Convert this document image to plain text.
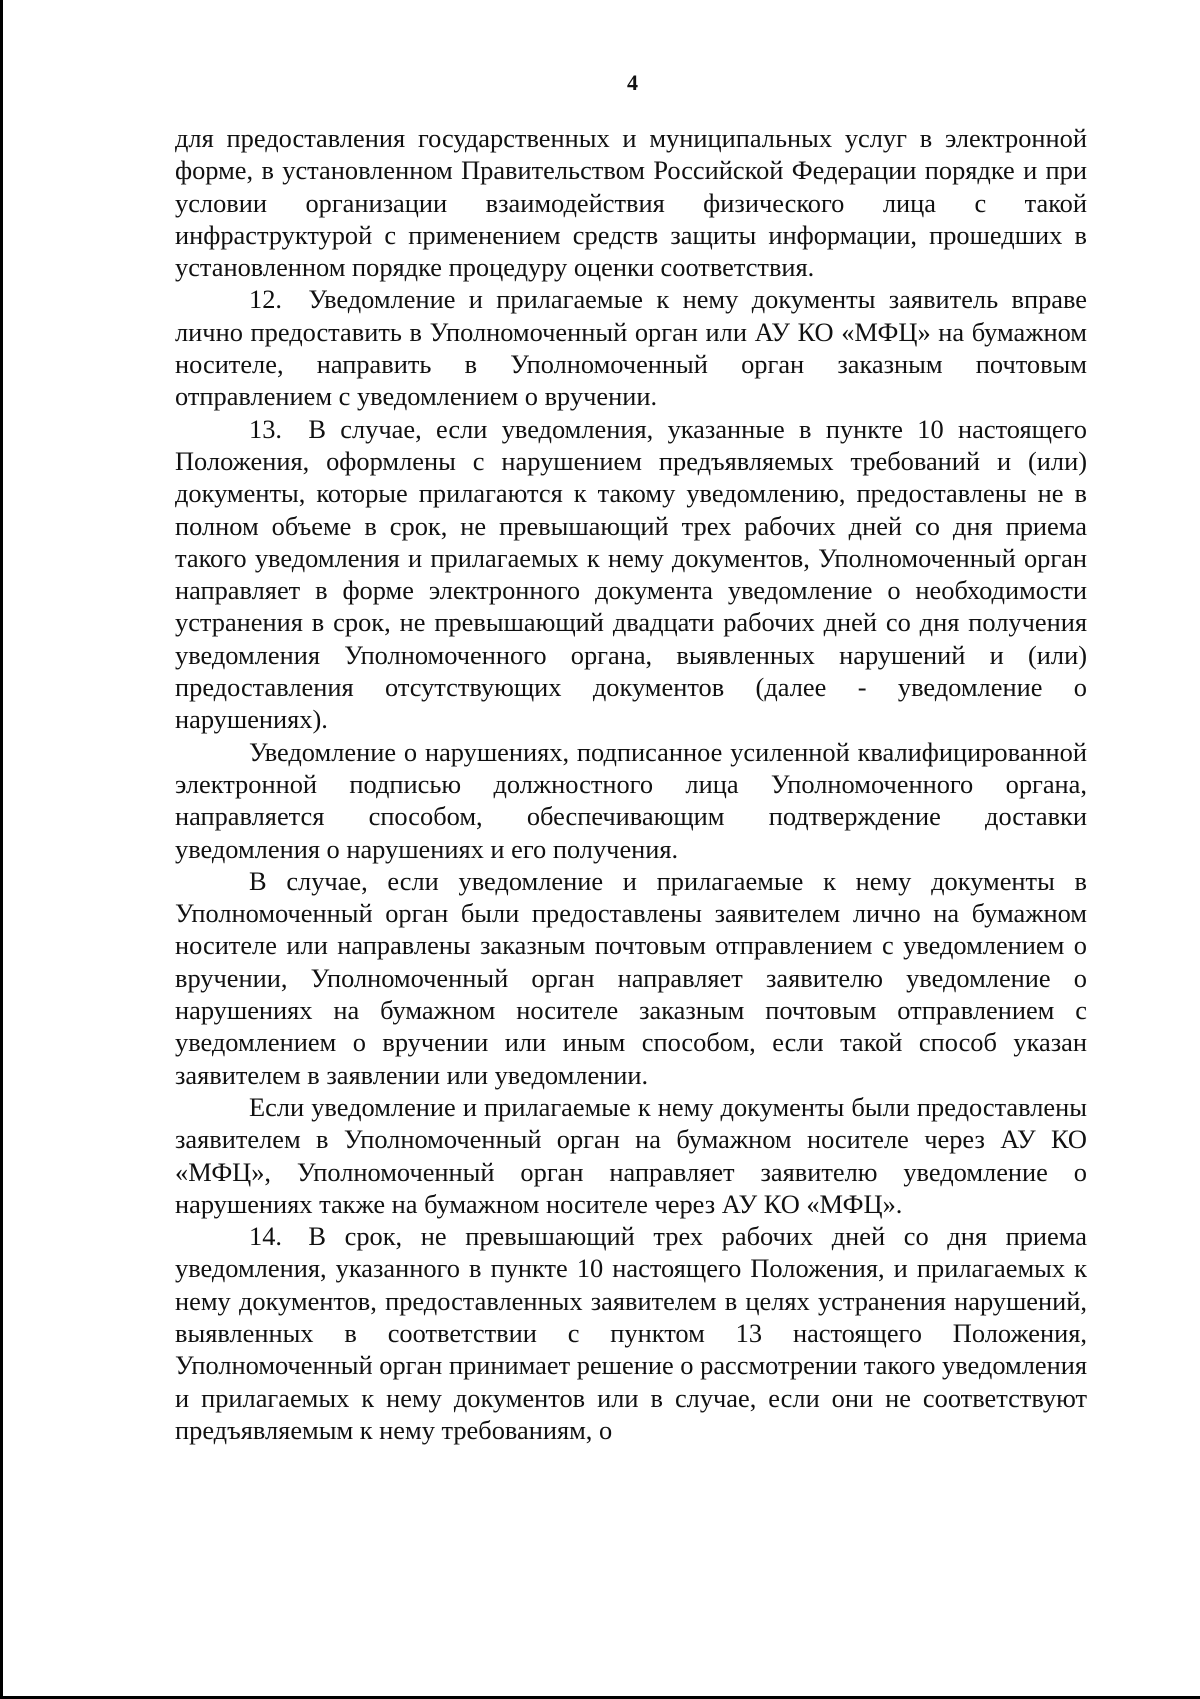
4

для предоставления государственных и муниципальных услуг в электронной форме, в установленном Правительством Российской Федерации порядке и при условии организации взаимодействия физического лица с такой инфраструктурой с применением средств защиты информации, прошедших в установленном порядке процедуру оценки соответствия.

12. Уведомление и прилагаемые к нему документы заявитель вправе лично предоставить в Уполномоченный орган или АУ КО «МФЦ» на бумажном носителе, направить в Уполномоченный орган заказным почтовым отправлением с уведомлением о вручении.

13. В случае, если уведомления, указанные в пункте 10 настоящего Положения, оформлены с нарушением предъявляемых требований и (или) документы, которые прилагаются к такому уведомлению, предоставлены не в полном объеме в срок, не превышающий трех рабочих дней со дня приема такого уведомления и прилагаемых к нему документов, Уполномоченный орган направляет в форме электронного документа уведомление о необходимости устранения в срок, не превышающий двадцати рабочих дней со дня получения уведомления Уполномоченного органа, выявленных нарушений и (или) предоставления отсутствующих документов (далее - уведомление о нарушениях).

Уведомление о нарушениях, подписанное усиленной квалифицированной электронной подписью должностного лица Уполномоченного органа, направляется способом, обеспечивающим подтверждение доставки уведомления о нарушениях и его получения.

В случае, если уведомление и прилагаемые к нему документы в Уполномоченный орган были предоставлены заявителем лично на бумажном носителе или направлены заказным почтовым отправлением с уведомлением о вручении, Уполномоченный орган направляет заявителю уведомление о нарушениях на бумажном носителе заказным почтовым отправлением с уведомлением о вручении или иным способом, если такой способ указан заявителем в заявлении или уведомлении.

Если уведомление и прилагаемые к нему документы были предоставлены заявителем в Уполномоченный орган на бумажном носителе через АУ КО «МФЦ», Уполномоченный орган направляет заявителю уведомление о нарушениях также на бумажном носителе через АУ КО «МФЦ».

14. В срок, не превышающий трех рабочих дней со дня приема уведомления, указанного в пункте 10 настоящего Положения, и прилагаемых к нему документов, предоставленных заявителем в целях устранения нарушений, выявленных в соответствии с пунктом 13 настоящего Положения, Уполномоченный орган принимает решение о рассмотрении такого уведомления и прилагаемых к нему документов или в случае, если они не соответствуют предъявляемым к нему требованиям, о
